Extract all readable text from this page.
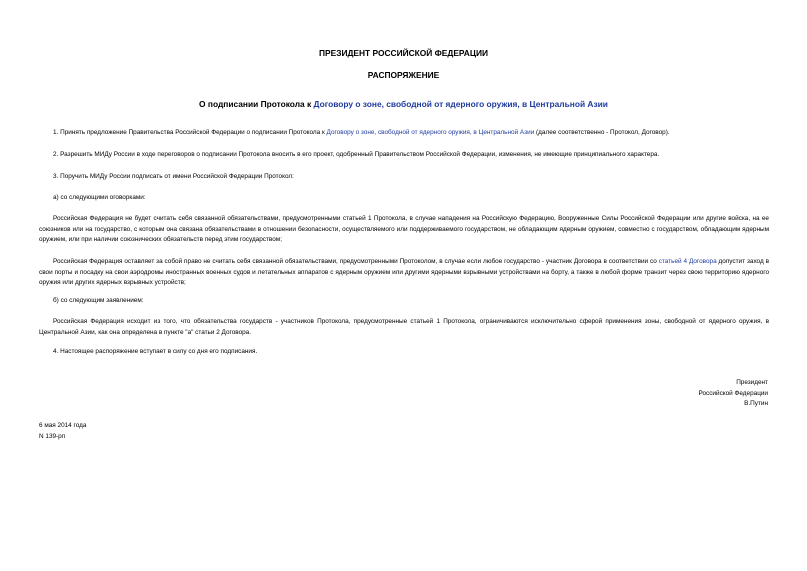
ПРЕЗИДЕНТ РОССИЙСКОЙ ФЕДЕРАЦИИ
РАСПОРЯЖЕНИЕ
О подписании Протокола к Договору о зоне, свободной от ядерного оружия, в Центральной Азии

1. Принять предложение Правительства Российской Федерации о подписании Протокола к Договору о зоне, свободной от ядерного оружия, в Центральной Азии (далее соответственно - Протокол, Договор).

2. Разрешить МИДу России в ходе переговоров о подписании Протокола вносить в его проект, одобренный Правительством Российской Федерации, изменения, не имеющие принципиального характера.

3. Поручить МИДу России подписать от имени Российской Федерации Протокол:

а) со следующими оговорками:

Российская Федерация не будет считать себя связанной обязательствами, предусмотренными статьей 1 Протокола, в случае нападения на Российскую Федерацию, Вооруженные Силы Российской Федерации или другие войска, на ее союзников или на государство, с которым она связана обязательствами в отношении безопасности, осуществляемого или поддерживаемого государством, не обладающим ядерным оружием, совместно с государством, обладающим ядерным оружием, или при наличии союзнических обязательств перед этим государством;

Российская Федерация оставляет за собой право не считать себя связанной обязательствами, предусмотренными Протоколом, в случае если любое государство - участник Договора в соответствии со статьей 4 Договора допустит заход в свои порты и посадку на свои аэродромы иностранных военных судов и летательных аппаратов с ядерным оружием или другими ядерными взрывными устройствами на борту, а также в любой форме транзит через свою территорию ядерного оружия или других ядерных взрывных устройств;

б) со следующим заявлением:

Российская Федерация исходит из того, что обязательства государств - участников Протокола, предусмотренные статьей 1 Протокола, ограничиваются исключительно сферой применения зоны, свободной от ядерного оружия, в Центральной Азии, как она определена в пункте "а" статьи 2 Договора.

4. Настоящее распоряжение вступает в силу со дня его подписания.

Президент
Российской Федерации
В.Путин
6 мая 2014 года
N 139-рп
